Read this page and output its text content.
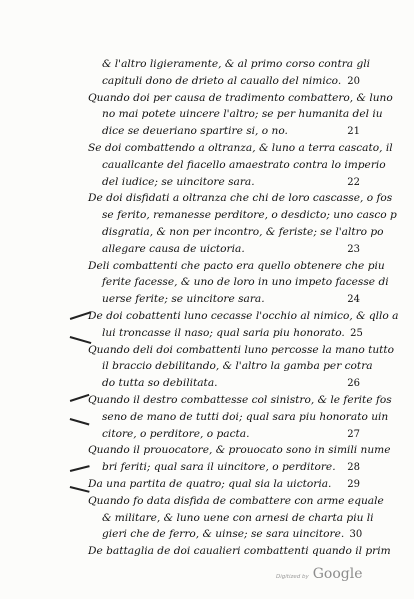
& l'altro ligieramente, & al primo corso contra gli
capituli dono de drieto al cauallo del nimico. 20
Quando doi per causa de tradimento combattero, & luno
no mai potete uincere l'altro; se per humanita del iu
dice se deueriano spartire si, o no.	21
Se doi combattendo a oltranza, & luno a terra cascato, il
cauallcante del fiacello amaestrato contra lo imperio
del iudice; se uincitore sara.	22
De doi disfidati a oltranza che chi de loro cascasse, o fos
se ferito, remanesse perditore, o desdicto; uno casco p
disgratia, & non per incontro, & feriste; se l'altro po
allegare causa de uictoria.	23
Deli combattenti che pacto era quello obtenere che piu
ferite facesse, & uno de loro in uno impeto facesse di
uerse ferite; se uincitore sara.	24
De doi cobattenti luno cecasse l'occhio al nimico, & qllo a
lui troncasse il naso; qual saria piu honorato. 25
Quando deli doi combattenti luno percosse la mano tutto
il braccio debilitando, & l'altro la gamba per cotra
do tutta so debilitata.	26
Quando il destro combattesse col sinistro, & le ferite fos
seno de mano de tutti doi; qual sara piu honorato uin
citore, o perditore, o pacta.	27
Quando il prouocatore, & prouocato sono in simili nume
bri feriti; qual sara il uincitore, o perditore.	28
Da una partita de quatro; qual sia la uictoria.	29
Quando fo data disfida de combattere con arme equale
& militare, & luno uene con arnesi de charta piu li
gieri che de ferro, & uinse; se sara uincitore. 30
De battaglia de doi caualieri combattenti quando il prim
Digitized by Google
